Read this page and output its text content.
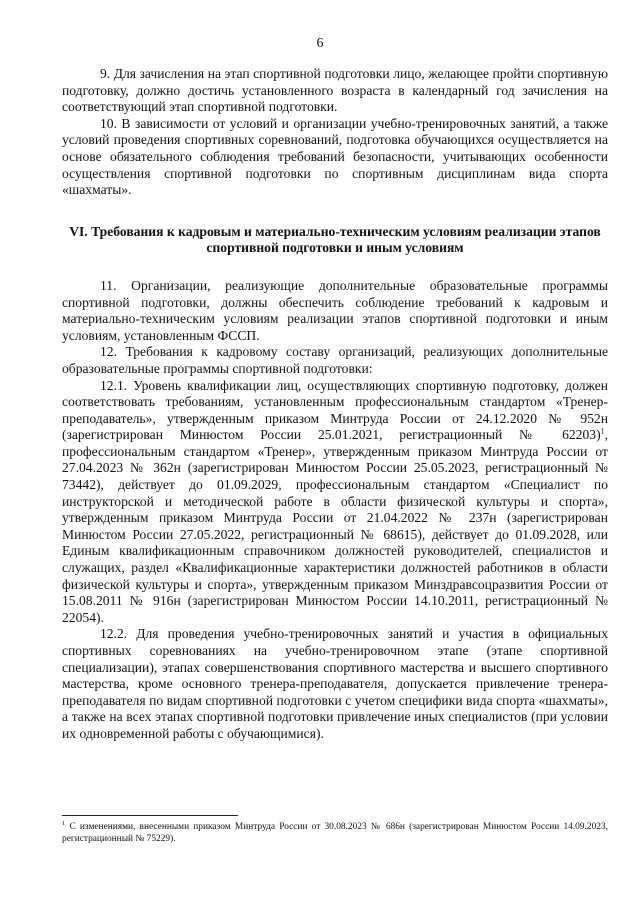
6

9. Для зачисления на этап спортивной подготовки лицо, желающее пройти спортивную подготовку, должно достичь установленного возраста в календарный год зачисления на соответствующий этап спортивной подготовки.

10. В зависимости от условий и организации учебно-тренировочных занятий, а также условий проведения спортивных соревнований, подготовка обучающихся осуществляется на основе обязательного соблюдения требований безопасности, учитывающих особенности осуществления спортивной подготовки по спортивным дисциплинам вида спорта «шахматы».

VI. Требования к кадровым и материально-техническим условиям реализации этапов спортивной подготовки и иным условиям

11. Организации, реализующие дополнительные образовательные программы спортивной подготовки, должны обеспечить соблюдение требований к кадровым и материально-техническим условиям реализации этапов спортивной подготовки и иным условиям, установленным ФССП.

12. Требования к кадровому составу организаций, реализующих дополнительные образовательные программы спортивной подготовки:

12.1. Уровень квалификации лиц, осуществляющих спортивную подготовку, должен соответствовать требованиям, установленным профессиональным стандартом «Тренер-преподаватель», утвержденным приказом Минтруда России от 24.12.2020 № 952н (зарегистрирован Минюстом России 25.01.2021, регистрационный № 62203)$^1$, профессиональным стандартом «Тренер», утвержденным приказом Минтруда России от 27.04.2023 № 362н (зарегистрирован Минюстом России 25.05.2023, регистрационный № 73442), действует до 01.09.2029, профессиональным стандартом «Специалист по инструкторской и методической работе в области физической культуры и спорта», утвержденным приказом Минтруда России от 21.04.2022 № 237н (зарегистрирован Минюстом России 27.05.2022, регистрационный № 68615), действует до 01.09.2028, или Единым квалификационным справочником должностей руководителей, специалистов и служащих, раздел «Квалификационные характеристики должностей работников в области физической культуры и спорта», утвержденным приказом Минздравсоцразвития России от 15.08.2011 № 916н (зарегистрирован Минюстом России 14.10.2011, регистрационный № 22054).

12.2. Для проведения учебно-тренировочных занятий и участия в официальных спортивных соревнованиях на учебно-тренировочном этапе (этапе спортивной специализации), этапах совершенствования спортивного мастерства и высшего спортивного мастерства, кроме основного тренера-преподавателя, допускается привлечение тренера-преподавателя по видам спортивной подготовки с учетом специфики вида спорта «шахматы», а также на всех этапах спортивной подготовки привлечение иных специалистов (при условии их одновременной работы с обучающимися).

$^1$ С изменениями, внесенными приказом Минтруда России от 30.08.2023 № 686н (зарегистрирован Минюстом России 14.09.2023, регистрационный № 75229).
